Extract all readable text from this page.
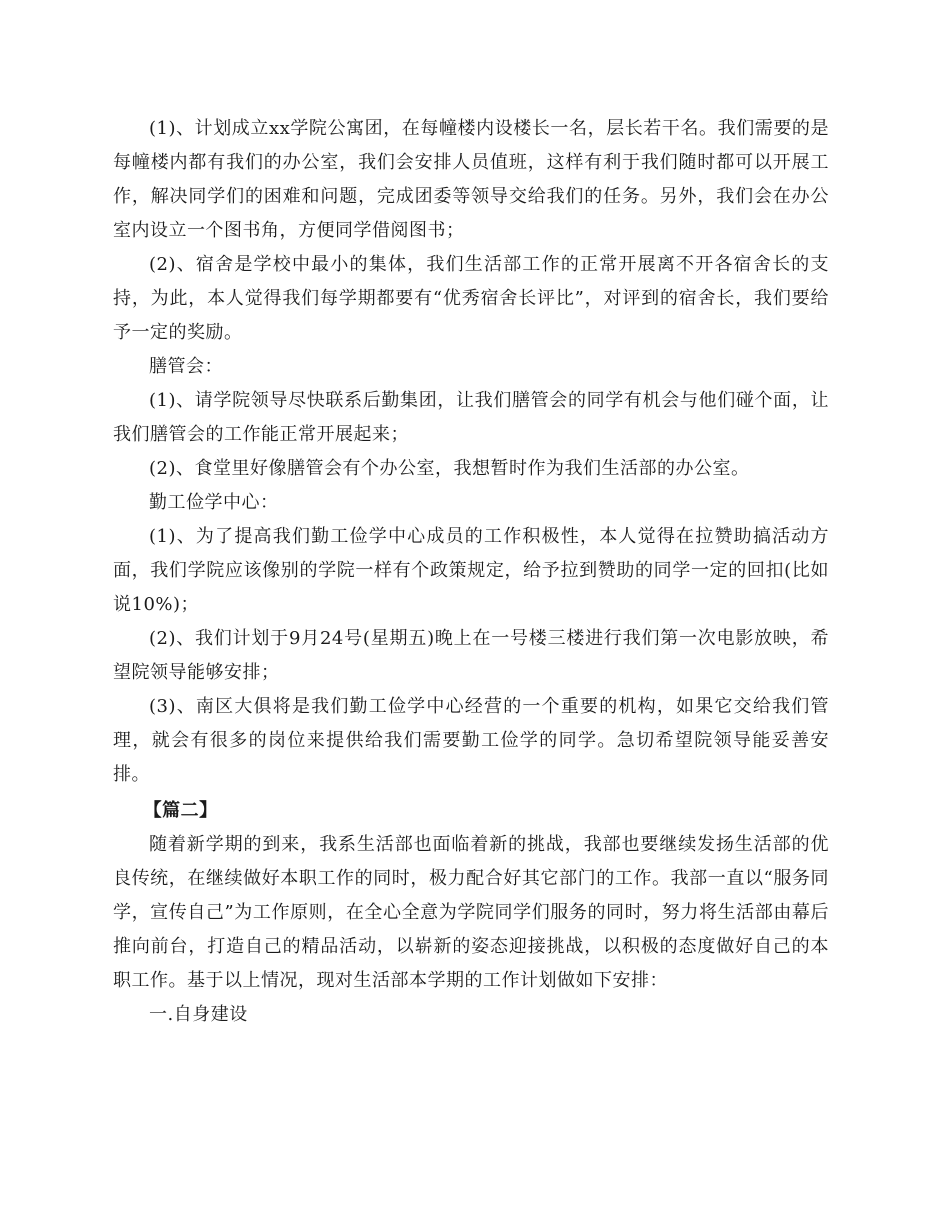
(1)、计划成立xx学院公寓团，在每幢楼内设楼长一名，层长若干名。我们需要的是每幢楼内都有我们的办公室，我们会安排人员值班，这样有利于我们随时都可以开展工作，解决同学们的困难和问题，完成团委等领导交给我们的任务。另外，我们会在办公室内设立一个图书角，方便同学借阅图书；

(2)、宿舍是学校中最小的集体，我们生活部工作的正常开展离不开各宿舍长的支持，为此，本人觉得我们每学期都要有“优秀宿舍长评比”，对评到的宿舍长，我们要给予一定的奖励。

膳管会：

(1)、请学院领导尽快联系后勤集团，让我们膳管会的同学有机会与他们碰个面，让我们膳管会的工作能正常开展起来；

(2)、食堂里好像膳管会有个办公室，我想暂时作为我们生活部的办公室。

勤工俭学中心：

(1)、为了提高我们勤工俭学中心成员的工作积极性，本人觉得在拉赞助搞活动方面，我们学院应该像别的学院一样有个政策规定，给予拉到赞助的同学一定的回扣(比如说10%)；

(2)、我们计划于9月24号(星期五)晚上在一号楼三楼进行我们第一次电影放映，希望院领导能够安排；

(3)、南区大俱将是我们勤工俭学中心经营的一个重要的机构，如果它交给我们管理，就会有很多的岗位来提供给我们需要勤工俭学的同学。急切希望院领导能妥善安排。

【篇二】

随着新学期的到来，我系生活部也面临着新的挑战，我部也要继续发扬生活部的优良传统，在继续做好本职工作的同时，极力配合好其它部门的工作。我部一直以“服务同学，宣传自己”为工作原则，在全心全意为学院同学们服务的同时，努力将生活部由幕后推向前台，打造自己的精品活动，以崭新的姿态迎接挑战，以积极的态度做好自己的本职工作。基于以上情况，现对生活部本学期的工作计划做如下安排：

一.自身建设
